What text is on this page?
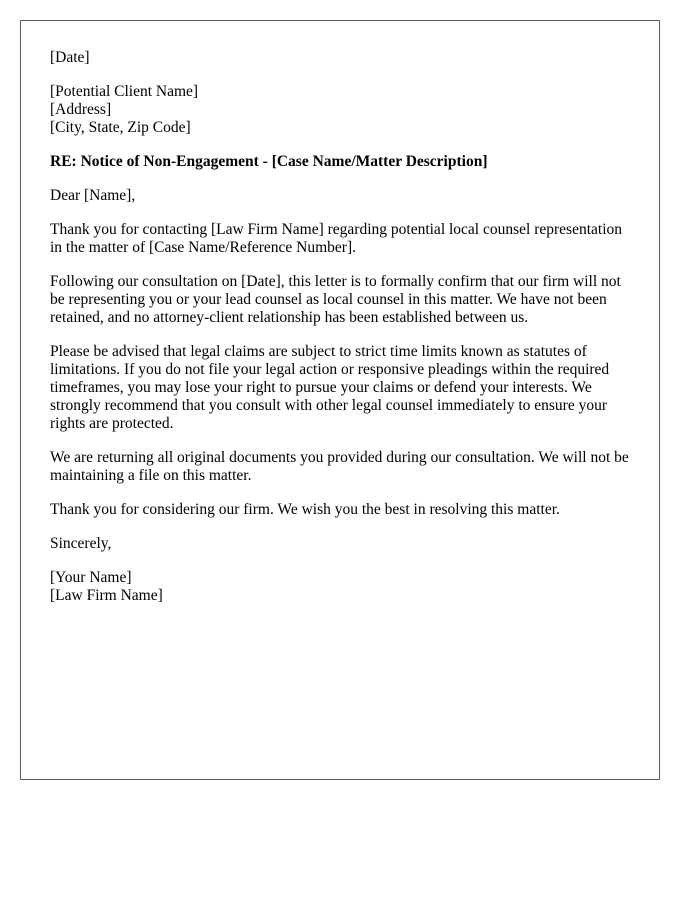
[Date]

[Potential Client Name]
[Address]
[City, State, Zip Code]

RE: Notice of Non-Engagement - [Case Name/Matter Description]

Dear [Name],

Thank you for contacting [Law Firm Name] regarding potential local counsel representation in the matter of [Case Name/Reference Number].

Following our consultation on [Date], this letter is to formally confirm that our firm will not be representing you or your lead counsel as local counsel in this matter. We have not been retained, and no attorney-client relationship has been established between us.

Please be advised that legal claims are subject to strict time limits known as statutes of limitations. If you do not file your legal action or responsive pleadings within the required timeframes, you may lose your right to pursue your claims or defend your interests. We strongly recommend that you consult with other legal counsel immediately to ensure your rights are protected.

We are returning all original documents you provided during our consultation. We will not be maintaining a file on this matter.

Thank you for considering our firm. We wish you the best in resolving this matter.

Sincerely,

[Your Name]
[Law Firm Name]
